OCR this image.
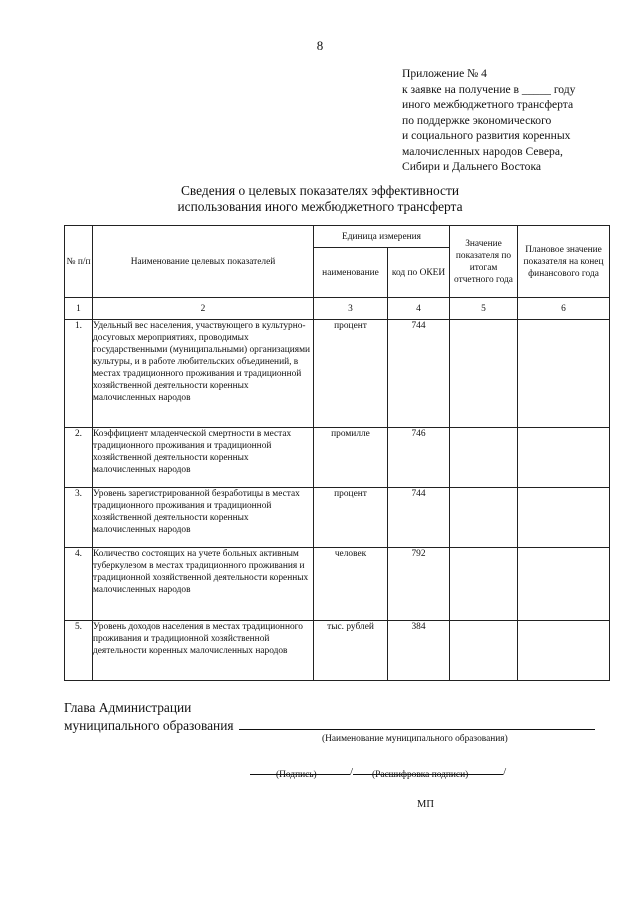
8
Приложение № 4
к заявке на получение в _____ году
иного межбюджетного трансферта
по поддержке экономического
и социального развития коренных
малочисленных народов Севера,
Сибири и Дальнего Востока
Сведения о целевых показателях эффективности
использования иного межбюджетного трансферта
№ п/п	Наименование целевых показателей	Единица измерения		Значение показателя по итогам отчетного года	Плановое значение показателя на конец финансового года
		наименование	код по ОКЕИ		
1	2	3	4	5	6
1.	Удельный вес населения, участвующего в культурно-досуговых мероприятиях, проводимых государственными (муниципальными) организациями культуры, и в работе любительских объединений, в местах традиционного проживания и традиционной хозяйственной деятельности коренных малочисленных народов	процент	744		
2.	Коэффициент младенческой смертности в местах традиционного проживания и традиционной хозяйственной деятельности коренных малочисленных народов	промилле	746		
3.	Уровень зарегистрированной безработицы в местах традиционного проживания и традиционной хозяйственной деятельности коренных малочисленных народов	процент	744		
4.	Количество состоящих на учете больных активным туберкулезом в местах традиционного проживания и традиционной хозяйственной деятельности коренных малочисленных народов	человек	792		
5.	Уровень доходов населения в местах традиционного проживания и традиционной хозяйственной деятельности коренных малочисленных народов	тыс. рублей	384		
Глава Администрации
муниципального образования
(Наименование муниципального образования)
/	/
(Подпись)	(Расшифровка подписи)
МП
